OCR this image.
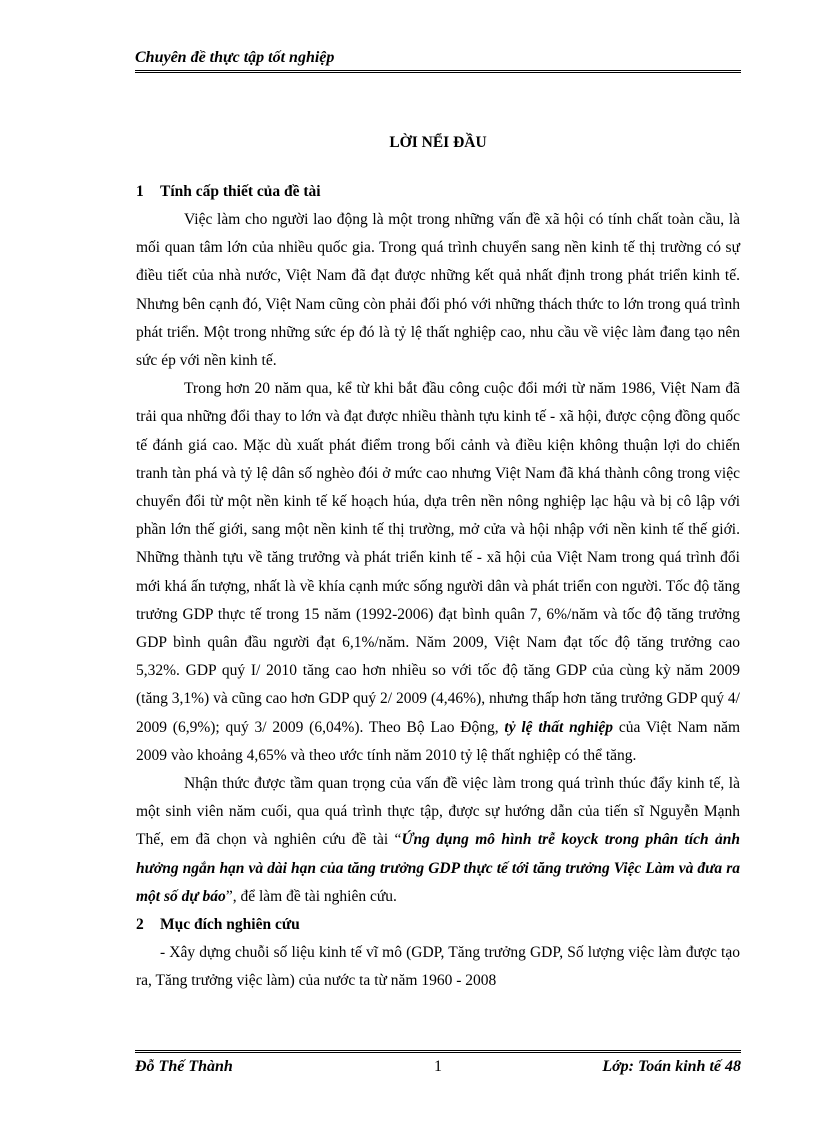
Chuyên đề thực tập tốt nghiệp

LỜI NỂI ĐẦU

1	Tính cấp thiết của đề tài

Việc làm cho người lao động là một trong những vấn đề xã hội có tính chất toàn cầu, là mối quan tâm lớn của nhiều quốc gia. Trong quá trình chuyển sang nền kinh tế thị trường có sự điều tiết của nhà nước, Việt Nam đã đạt được những kết quả nhất định trong phát triển kinh tế. Nhưng bên cạnh đó, Việt Nam cũng còn phải đối phó với những thách thức to lớn trong quá trình phát triển. Một trong những sức ép đó là tỷ lệ thất nghiệp cao, nhu cầu về việc làm đang tạo nên sức ép với nền kinh tế.

Trong hơn 20 năm qua, kể từ khi bắt đầu công cuộc đổi mới từ năm 1986, Việt Nam đã trải qua những đổi thay to lớn và đạt được nhiều thành tựu kinh tế - xã hội, được cộng đồng quốc tế đánh giá cao. Mặc dù xuất phát điểm trong bối cảnh và điều kiện không thuận lợi do chiến tranh tàn phá và tỷ lệ dân số nghèo đói ở mức cao nhưng Việt Nam đã khá thành công trong việc chuyển đổi từ một nền kinh tế kế hoạch húa, dựa trên nền nông nghiệp lạc hậu và bị cô lập với phần lớn thế giới, sang một nền kinh tế thị trường, mở cửa và hội nhập với nền kinh tế thế giới. Những thành tựu về tăng trưởng và phát triển kinh tế - xã hội của Việt Nam trong quá trình đổi mới khá ấn tượng, nhất là về khía cạnh mức sống người dân và phát triển con người. Tốc độ tăng trưởng GDP thực tế trong 15 năm (1992-2006) đạt bình quân 7, 6%/năm và tốc độ tăng trưởng GDP bình quân đầu người đạt 6,1%/năm. Năm 2009, Việt Nam đạt tốc độ tăng trưởng cao 5,32%. GDP quý I/ 2010 tăng cao hơn nhiều so với tốc độ tăng GDP của cùng kỳ năm 2009 (tăng 3,1%) và cũng cao hơn GDP quý 2/ 2009 (4,46%), nhưng thấp hơn tăng trưởng GDP quý 4/ 2009 (6,9%); quý 3/ 2009 (6,04%). Theo Bộ Lao Động, tỷ lệ thất nghiệp của Việt Nam năm 2009 vào khoảng 4,65% và theo ước tính năm 2010 tỷ lệ thất nghiệp có thể tăng.

Nhận thức được tầm quan trọng của vấn đề việc làm trong quá trình thúc đẩy kinh tế, là một sinh viên năm cuối, qua quá trình thực tập, được sự hướng dẫn của tiến sĩ Nguyễn Mạnh Thế, em đã chọn và nghiên cứu đề tài “Ứng dụng mô hình trễ koyck trong phân tích ảnh hưởng ngắn hạn và dài hạn của tăng trưởng GDP thực tế tới tăng trưởng Việc Làm và đưa ra một số dự báo”, để làm đề tài nghiên cứu.

2	Mục đích nghiên cứu

- Xây dựng chuỗi số liệu kinh tế vĩ mô (GDP, Tăng trưởng GDP, Số lượng việc làm được tạo ra, Tăng trưởng việc làm) của nước ta từ năm 1960 - 2008

Đỗ Thế Thành	1	Lớp: Toán kinh tế 48
